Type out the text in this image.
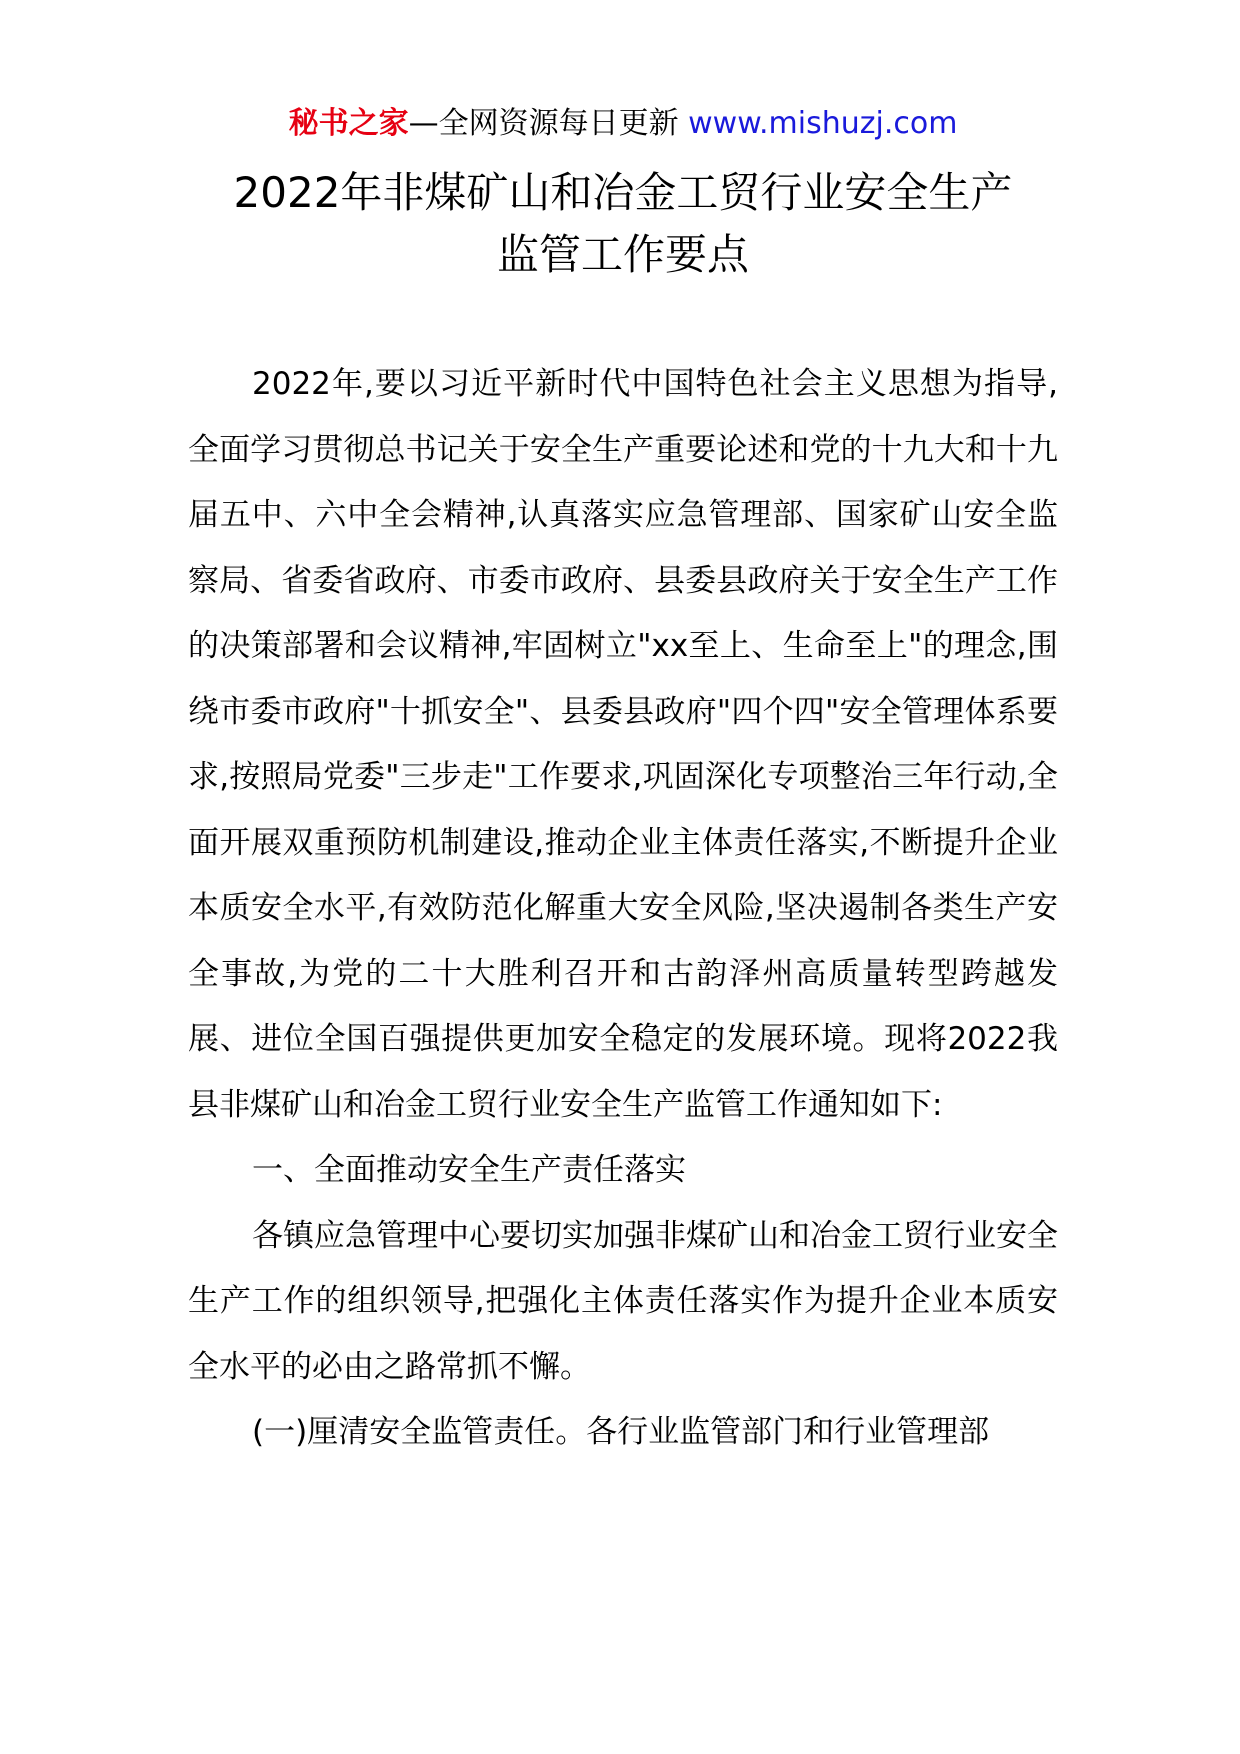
秘书之家—全网资源每日更新 www.mishuzj.com
2022年非煤矿山和冶金工贸行业安全生产
监管工作要点

2022年,要以习近平新时代中国特色社会主义思想为指导,全面学习贯彻总书记关于安全生产重要论述和党的十九大和十九届五中、六中全会精神,认真落实应急管理部、国家矿山安全监察局、省委省政府、市委市政府、县委县政府关于安全生产工作的决策部署和会议精神,牢固树立"xx至上、生命至上"的理念,围绕市委市政府"十抓安全"、县委县政府"四个四"安全管理体系要求,按照局党委"三步走"工作要求,巩固深化专项整治三年行动,全面开展双重预防机制建设,推动企业主体责任落实,不断提升企业本质安全水平,有效防范化解重大安全风险,坚决遏制各类生产安全事故,为党的二十大胜利召开和古韵泽州高质量转型跨越发展、进位全国百强提供更加安全稳定的发展环境。现将2022我县非煤矿山和冶金工贸行业安全生产监管工作通知如下:

一、全面推动安全生产责任落实

各镇应急管理中心要切实加强非煤矿山和冶金工贸行业安全生产工作的组织领导,把强化主体责任落实作为提升企业本质安全水平的必由之路常抓不懈。

(一)厘清安全监管责任。各行业监管部门和行业管理部
